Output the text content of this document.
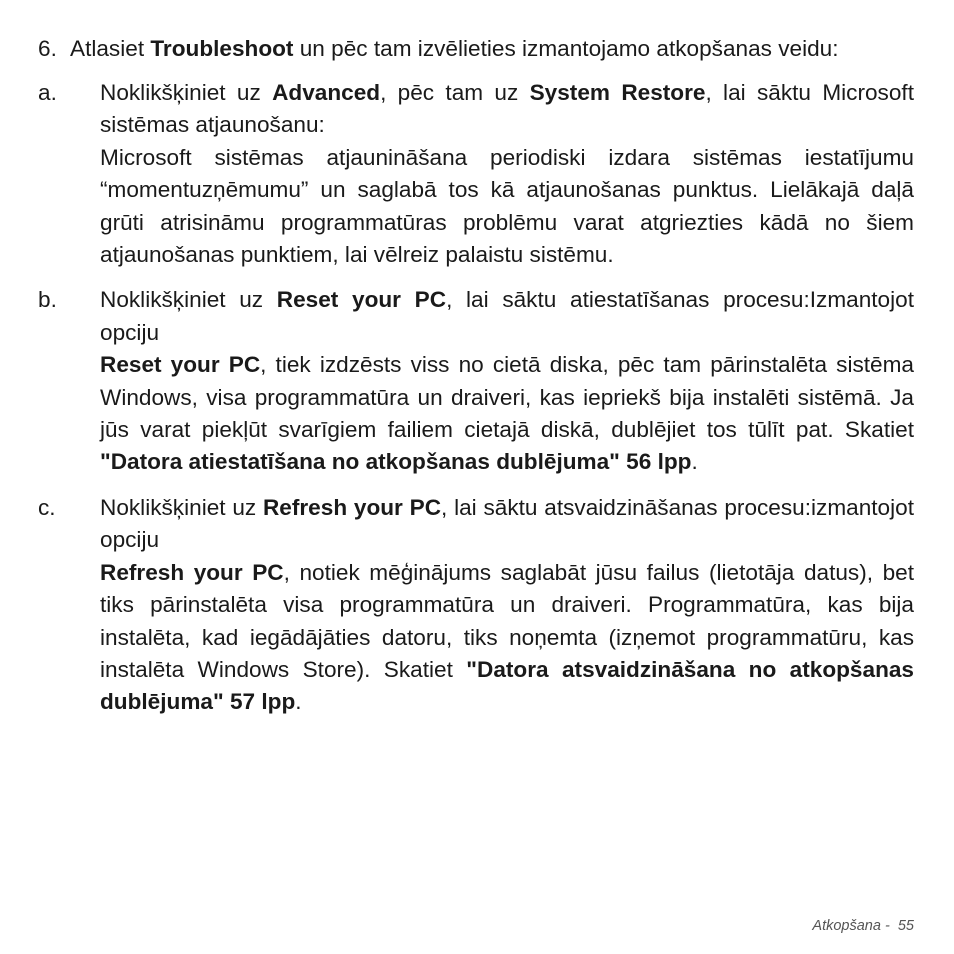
6. Atlasiet Troubleshoot un pēc tam izvēlieties izmantojamo atkopšanas veidu:
a. Noklikšķiniet uz Advanced, pēc tam uz System Restore, lai sāktu Microsoft sistēmas atjaunošanu:

Microsoft sistēmas atjaunināšana periodiski izdara sistēmas iestatījumu “momentuzņēmumu” un saglabā tos kā atjaunošanas punktus. Lielākajā daļā grūti atrisināmu programmatūras problēmu varat atgriezties kādā no šiem atjaunošanas punktiem, lai vēlreiz palaistu sistēmu.

b. Noklikšķiniet uz Reset your PC, lai sāktu atiestatīšanas procesu:Izmantojot opciju

Reset your PC, tiek izdzēsts viss no cietā diska, pēc tam pārinstalēta sistēma Windows, visa programmatūra un draiveri, kas iepriekš bija instalēti sistēmā. Ja jūs varat piekļūt svarīgiem failiem cietajā diskā, dublējiet tos tūlīt pat. Skatiet "Datora atiestatīšana no atkopšanas dublējuma" 56 lpp.

c. Noklikšķiniet uz Refresh your PC, lai sāktu atsvaidzināšanas procesu:izmantojot opciju

Refresh your PC, notiek mēģinājums saglabāt jūsu failus (lietotāja datus), bet tiks pārinstalēta visa programmatūra un draiveri. Programmatūra, kas bija instalēta, kad iegādājāties datoru, tiks noņemta (izņemot programmatūru, kas instalēta Windows Store). Skatiet "Datora atsvaidzināšana no atkopšanas dublējuma" 57 lpp.

Atkopšana - 55
